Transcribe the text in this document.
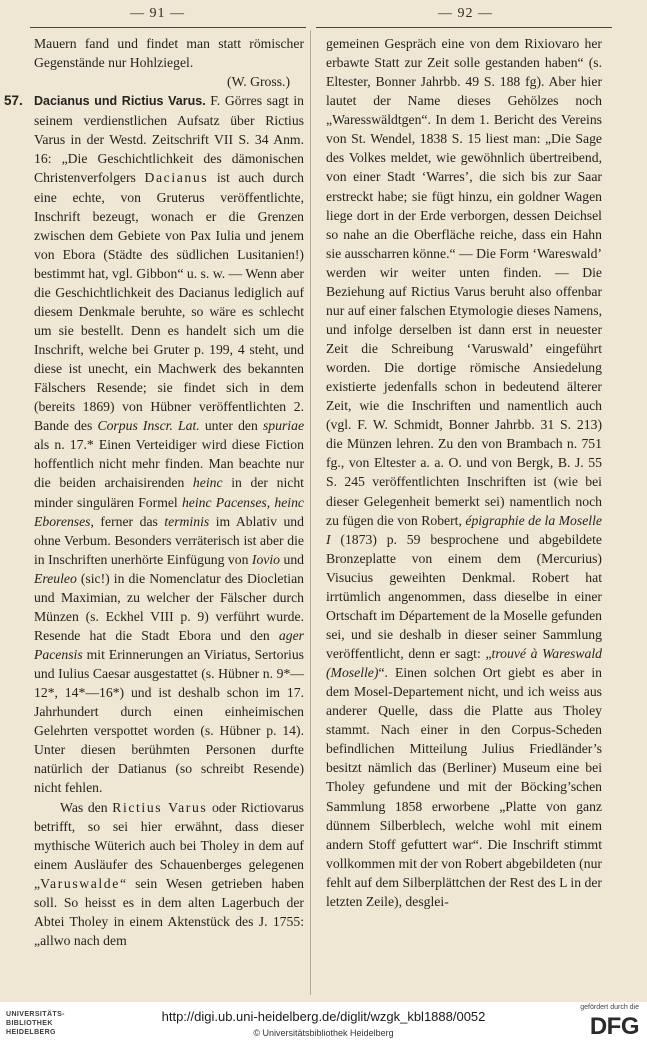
— 91 —	— 92 —

Mauern fand und findet man statt römischer Gegenstände nur Hohlziegel.

(W. Gross.)

57. Dacianus und Rictius Varus. F. Görres sagt in seinem verdienstlichen Aufsatz über Rictius Varus in der Westd. Zeitschrift VII S. 34 Anm. 16: „Die Geschichtlichkeit des dämonischen Christenverfolgers Dacianus ist auch durch eine echte, von Gruterus veröffentlichte, Inschrift bezeugt, wonach er die Grenzen zwischen dem Gebiete von Pax Iulia und jenem von Ebora (Städte des südlichen Lusitanien!) bestimmt hat, vgl. Gibbon“ u. s. w. — Wenn aber die Geschichtlichkeit des Dacianus lediglich auf diesem Denkmale beruhte, so wäre es schlecht um sie bestellt. Denn es handelt sich um die Inschrift, welche bei Gruter p. 199, 4 steht, und diese ist unecht, ein Machwerk des bekannten Fälschers Resende; sie findet sich in dem (bereits 1869) von Hübner veröffentlichten 2. Bande des Corpus Inscr. Lat. unter den spuriae als n. 17.* Einen Verteidiger wird diese Fiction hoffentlich nicht mehr finden. Man beachte nur die beiden archaisirenden heinc in der nicht minder singulären Formel heinc Pacenses, heinc Eborenses, ferner das terminis im Ablativ und ohne Verbum. Besonders verräterisch ist aber die in Inschriften unerhörte Einfügung von Iovio und Ereuleo (sic!) in die Nomenclatur des Diocletian und Maximian, zu welcher der Fälscher durch Münzen (s. Eckhel VIII p. 9) verführt wurde. Resende hat die Stadt Ebora und den ager Pacensis mit Erinnerungen an Viriatus, Sertorius und Iulius Caesar ausgestattet (s. Hübner n. 9*—12*, 14*—16*) und ist deshalb schon im 17. Jahrhundert durch einen einheimischen Gelehrten verspottet worden (s. Hübner p. 14). Unter diesen berühmten Personen durfte natürlich der Datianus (so schreibt Resende) nicht fehlen.

Was den Rictius Varus oder Rictiovarus betrifft, so sei hier erwähnt, dass dieser mythische Wüterich auch bei Tholey in dem auf einem Ausläufer des Schauenberges gelegenen „Varuswalde“ sein Wesen getrieben haben soll. So heisst es in dem alten Lagerbuch der Abtei Tholey in einem Aktenstück des J. 1755: „allwo nach dem

gemeinen Gespräch eine von dem Rixiovaro her erbawte Statt zur Zeit solle gestanden haben“ (s. Eltester, Bonner Jahrbb. 49 S. 188 fg). Aber hier lautet der Name dieses Gehölzes noch „Waresswäldtgen“. In dem 1. Bericht des Vereins von St. Wendel, 1838 S. 15 liest man: „Die Sage des Volkes meldet, wie gewöhnlich übertreibend, von einer Stadt ‘Warres’, die sich bis zur Saar erstreckt habe; sie fügt hinzu, ein goldner Wagen liege dort in der Erde verborgen, dessen Deichsel so nahe an die Oberfläche reiche, dass ein Hahn sie ausscharren könne.“ — Die Form ‘Wareswald’ werden wir weiter unten finden. — Die Beziehung auf Rictius Varus beruht also offenbar nur auf einer falschen Etymologie dieses Namens, und infolge derselben ist dann erst in neuester Zeit die Schreibung ‘Varuswald’ eingeführt worden. Die dortige römische Ansiedelung existierte jedenfalls schon in bedeutend älterer Zeit, wie die Inschriften und namentlich auch (vgl. F. W. Schmidt, Bonner Jahrbb. 31 S. 213) die Münzen lehren. Zu den von Brambach n. 751 fg., von Eltester a. a. O. und von Bergk, B. J. 55 S. 245 veröffentlichten Inschriften ist (wie bei dieser Gelegenheit bemerkt sei) namentlich noch zu fügen die von Robert, épigraphie de la Moselle I (1873) p. 59 besprochene und abgebildete Bronzeplatte von einem dem (Mercurius) Visucius geweihten Denkmal. Robert hat irrtümlich angenommen, dass dieselbe in einer Ortschaft im Département de la Moselle gefunden sei, und sie deshalb in dieser seiner Sammlung veröffentlicht, denn er sagt: „trouvé à Wareswald (Moselle)“. Einen solchen Ort giebt es aber in dem Mosel-Departement nicht, und ich weiss aus anderer Quelle, dass die Platte aus Tholey stammt. Nach einer in den Corpus-Scheden befindlichen Mitteilung Julius Friedländer’s besitzt nämlich das (Berliner) Museum eine bei Tholey gefundene und mit der Böcking’schen Sammlung 1858 erworbene „Platte von ganz dünnem Silberblech, welche wohl mit einem andern Stoff gefuttert war“. Die Inschrift stimmt vollkommen mit der von Robert abgebildeten (nur fehlt auf dem Silberplättchen der Rest des L in der letzten Zeile), desglei-

UNIVERSITÄTS-
BIBLIOTHEK
HEIDELBERG
http://digi.ub.uni-heidelberg.de/diglit/wzgk_kbl1888/0052
© Universitätsbibliothek Heidelberg
gefördert durch die
DFG
